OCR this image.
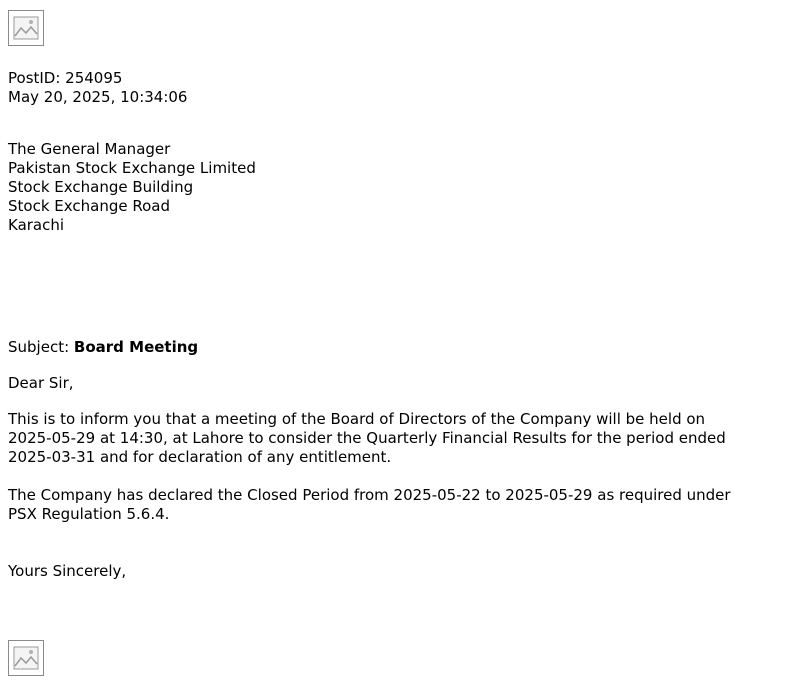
PostID: 254095
May 20, 2025, 10:34:06
The General Manager
Pakistan Stock Exchange Limited
Stock Exchange Building
Stock Exchange Road
Karachi
Subject: Board Meeting
Dear Sir,
This is to inform you that a meeting of the Board of Directors of the Company will be held on
2025-05-29 at 14:30, at Lahore to consider the Quarterly Financial Results for the period ended
2025-03-31 and for declaration of any entitlement.
The Company has declared the Closed Period from 2025-05-22 to 2025-05-29 as required under
PSX Regulation 5.6.4.
Yours Sincerely,
